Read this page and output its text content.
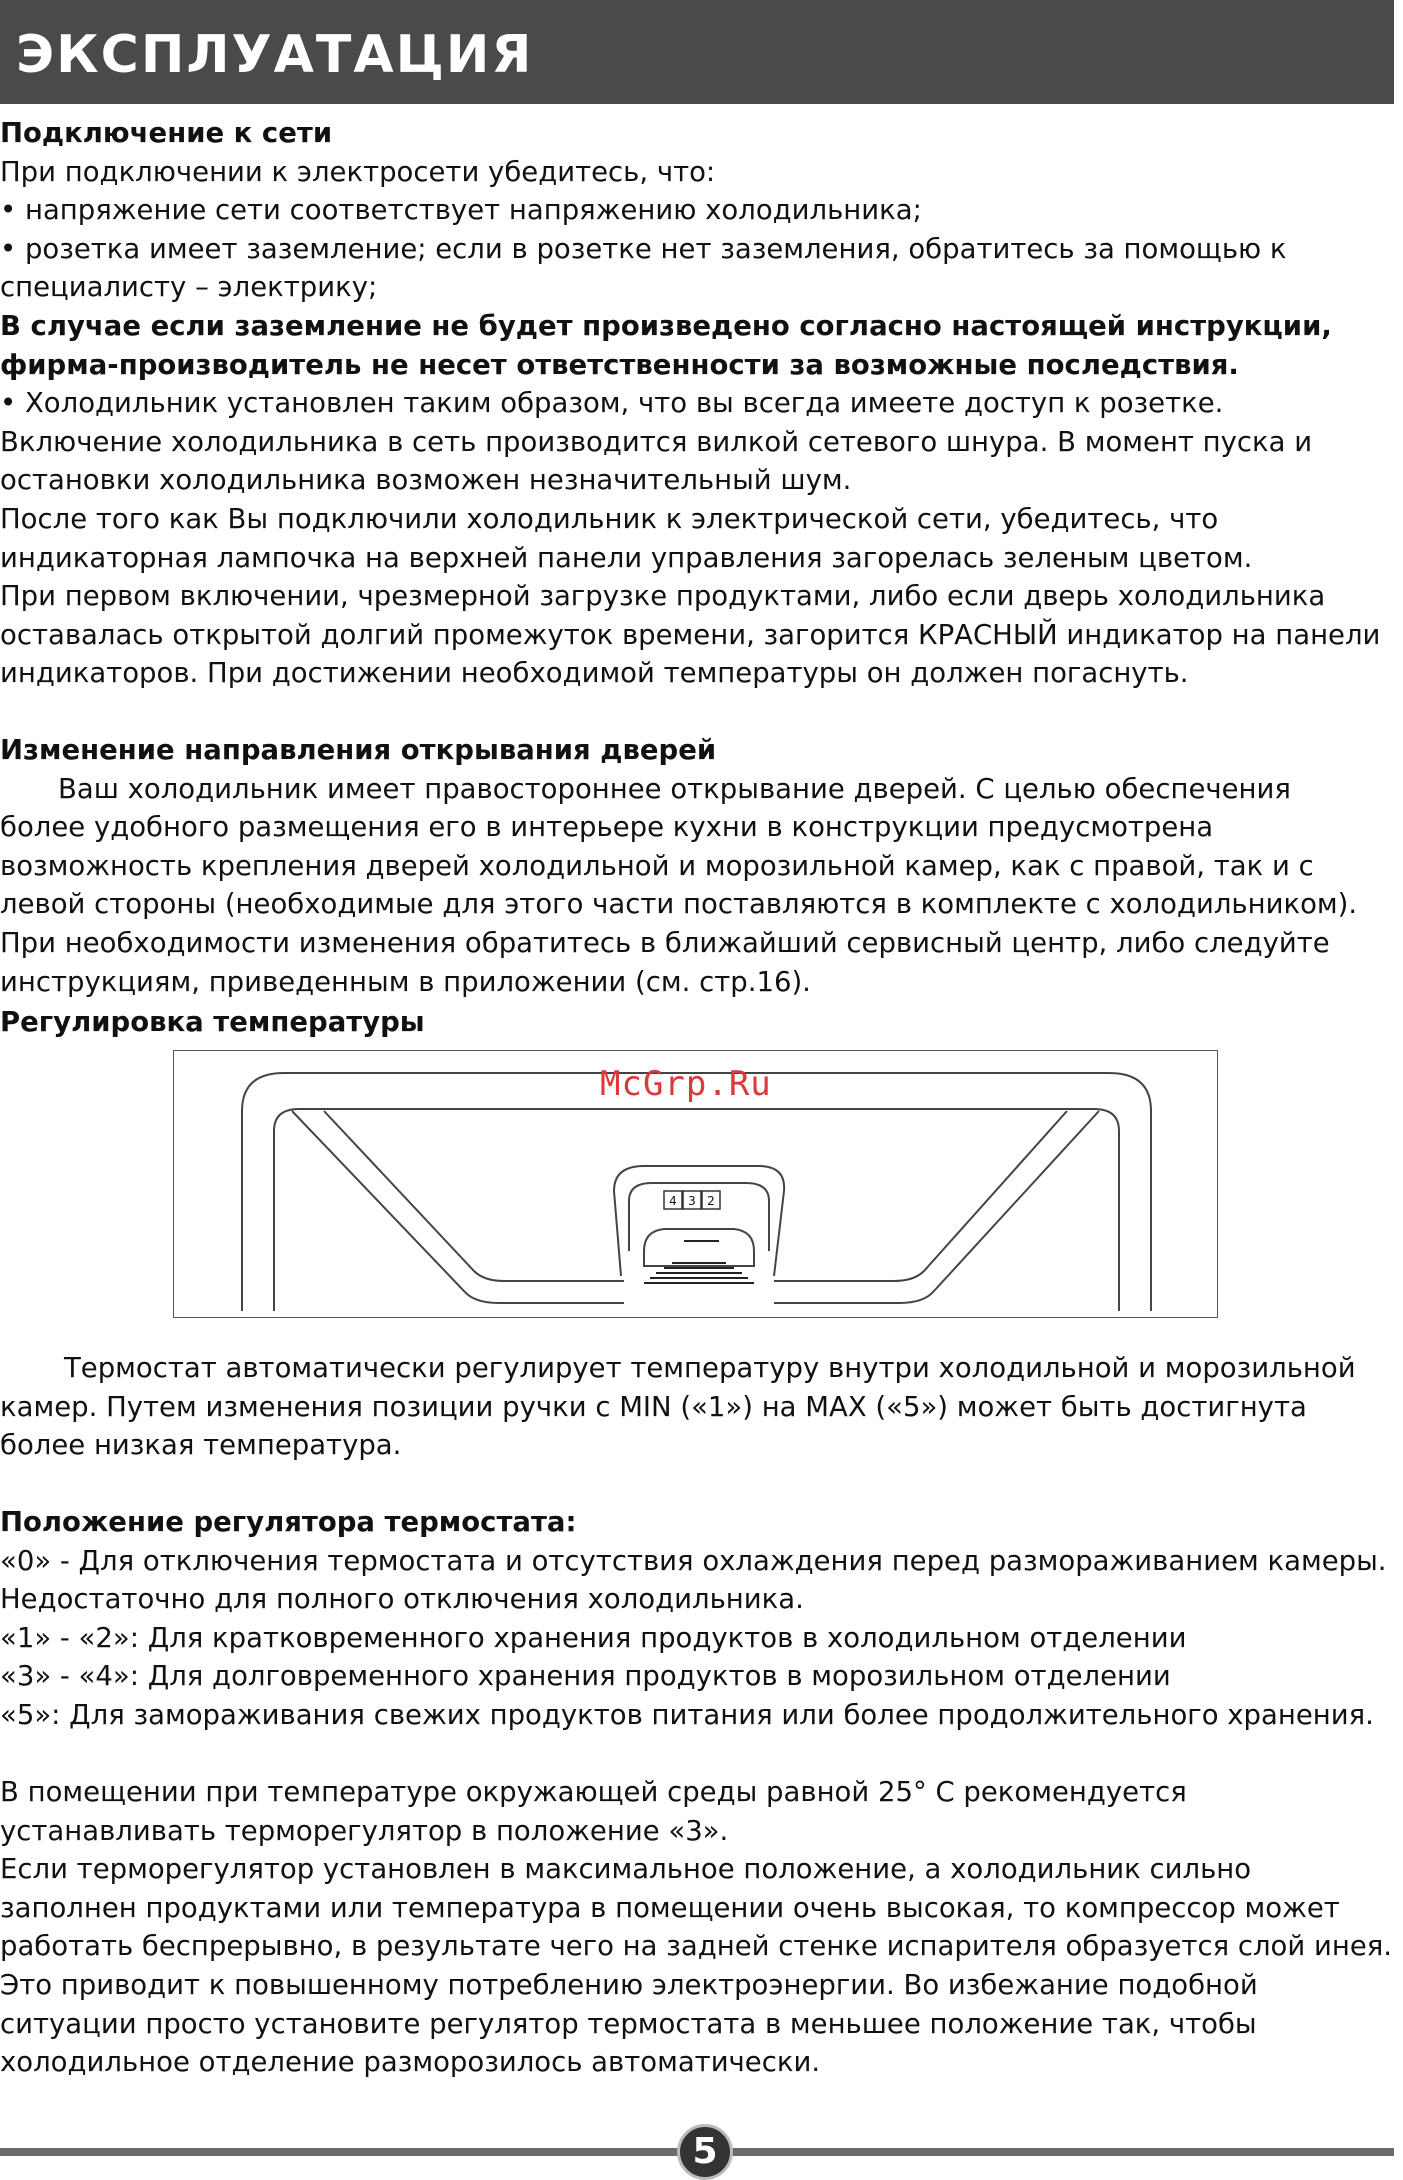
ЭКСПЛУАТАЦИЯ
Подключение к сети
При подключении к электросети убедитесь, что:
• напряжение сети соответствует напряжению холодильника;
• розетка имеет заземление; если в розетке нет заземления, обратитесь за помощью к
специалисту – электрику;
В случае если заземление не будет произведено согласно настоящей инструкции,
фирма-производитель не несет ответственности за возможные последствия.
• Холодильник установлен таким образом, что вы всегда имеете доступ к розетке.
Включение холодильника в сеть производится вилкой сетевого шнура. В момент пуска и
остановки холодильника возможен незначительный шум.
После того как Вы подключили холодильник к электрической сети, убедитесь, что
индикаторная лампочка на верхней панели управления загорелась зеленым цветом.
При первом включении, чрезмерной загрузке продуктами, либо если дверь холодильника
оставалась открытой долгий промежуток времени, загорится КРАСНЫЙ индикатор на панели
индикаторов. При достижении необходимой температуры он должен погаснуть.
Изменение направления открывания дверей
Ваш холодильник имеет правостороннее открывание дверей. С целью обеспечения
более удобного размещения его в интерьере кухни в конструкции предусмотрена
возможность крепления дверей холодильной и морозильной камер, как с правой, так и с
левой стороны (необходимые для этого части поставляются в комплекте с холодильником).
При необходимости изменения обратитесь в ближайший сервисный центр, либо следуйте
инструкциям, приведенным в приложении (см. стр.16).
Регулировка температуры
4 3 2
McGrp.Ru
Термостат автоматически регулирует температуру внутри холодильной и морозильной
камер. Путем изменения позиции ручки с MIN («1») на MAX («5») может быть достигнута
более низкая температура.
Положение регулятора термостата:
«0» - Для отключения термостата и отсутствия охлаждения перед размораживанием камеры.
Недостаточно для полного отключения холодильника.
«1» - «2»: Для кратковременного хранения продуктов в холодильном отделении
«3» - «4»: Для долговременного хранения продуктов в морозильном отделении
«5»: Для замораживания свежих продуктов питания или более продолжительного хранения.
В помещении при температуре окружающей среды равной 25° С рекомендуется
устанавливать терморегулятор в положение «3».
Если терморегулятор установлен в максимальное положение, а холодильник сильно
заполнен продуктами или температура в помещении очень высокая, то компрессор может
работать беспрерывно, в результате чего на задней стенке испарителя образуется слой инея.
Это приводит к повышенному потреблению электроэнергии. Во избежание подобной
ситуации просто установите регулятор термостата в меньшее положение так, чтобы
холодильное отделение разморозилось автоматически.
5
